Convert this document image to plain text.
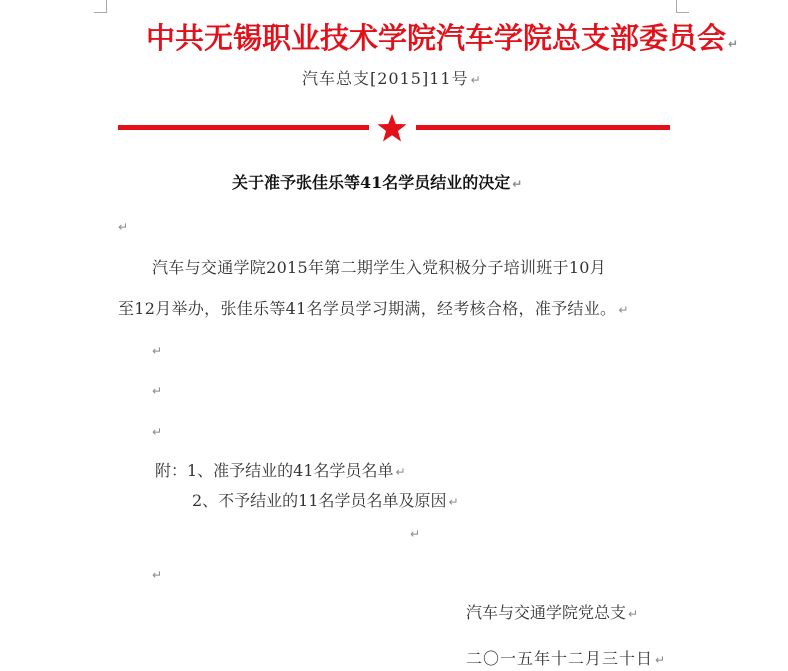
中共无锡职业技术学院汽车学院总支部委员会 ↵
汽车总支[2015]11号 ↵
关于准予张佳乐等41名学员结业的决定 ↵
↵
汽车与交通学院2015年第二期学生入党积极分子培训班于10月
至12月举办，张佳乐等41名学员学习期满，经考核合格，准予结业。 ↵
↵
↵
↵
附：1、准予结业的41名学员名单 ↵
2、不予结业的11名学员名单及原因 ↵
↵
↵
汽车与交通学院党总支 ↵
二〇一五年十二月三十日 ↵
